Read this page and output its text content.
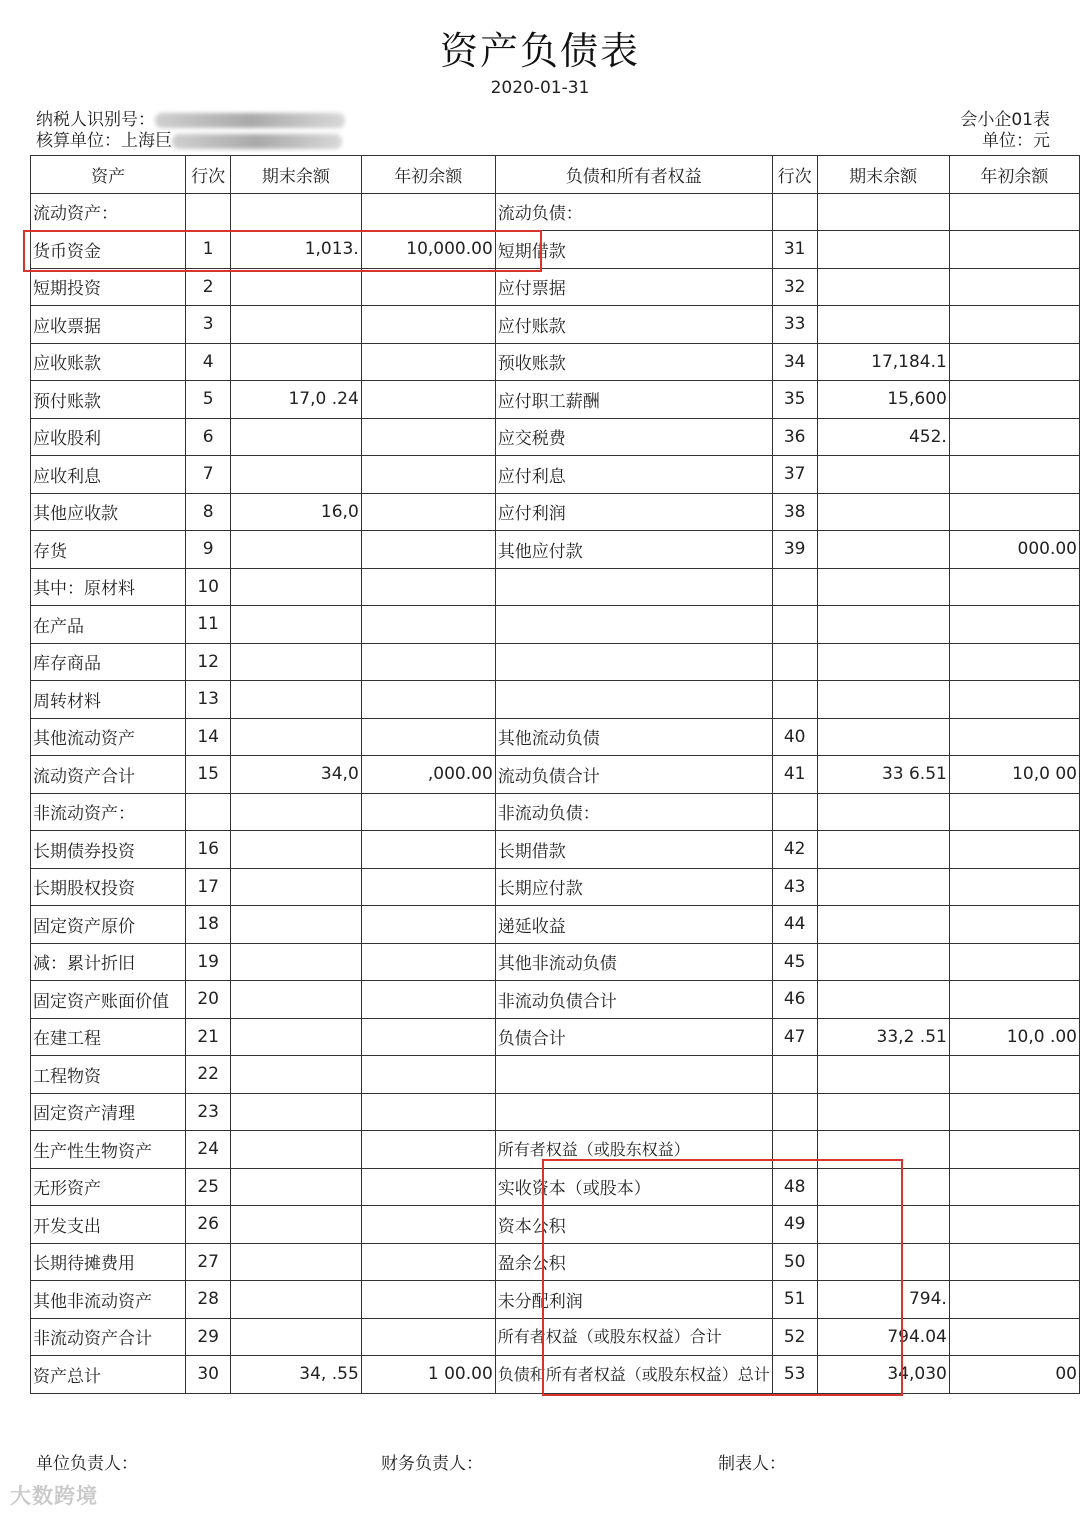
资产负债表
2020-01-31
纳税人识别号：
核算单位：上海巨
会小企01表
单位：元
资产	行次	期末余额	年初余额	负债和所有者权益	行次	期末余额	年初余额
流动资产：				流动负债：			
货币资金	1	1,013.	10,000.00	短期借款	31		
短期投资	2			应付票据	32		
应收票据	3			应付账款	33		
应收账款	4			预收账款	34	17,184.1	
预付账款	5	17,0 .24		应付职工薪酬	35	15,600	
应收股利	6			应交税费	36	452.	
应收利息	7			应付利息	37		
其他应收款	8	16,0		应付利润	38		
存货	9			其他应付款	39		000.00
其中：原材料	10						
在产品	11						
库存商品	12						
周转材料	13						
其他流动资产	14			其他流动负债	40		
流动资产合计	15	34,0	,000.00	流动负债合计	41	33 6.51	10,0 00
非流动资产：				非流动负债：			
长期债券投资	16			长期借款	42		
长期股权投资	17			长期应付款	43		
固定资产原价	18			递延收益	44		
减：累计折旧	19			其他非流动负债	45		
固定资产账面价值	20			非流动负债合计	46		
在建工程	21			负债合计	47	33,2 .51	10,0 .00
工程物资	22						
固定资产清理	23						
生产性生物资产	24			所有者权益（或股东权益）			
无形资产	25			实收资本（或股本）	48		
开发支出	26			资本公积	49		
长期待摊费用	27			盈余公积	50		
其他非流动资产	28			未分配利润	51	794.	
非流动资产合计	29			所有者权益（或股东权益）合计	52	794.04	
资产总计	30	34, .55	1 00.00	负债和所有者权益（或股东权益）总计	53	34,030	00
单位负责人：	财务负责人：	制表人：
大数跨境
